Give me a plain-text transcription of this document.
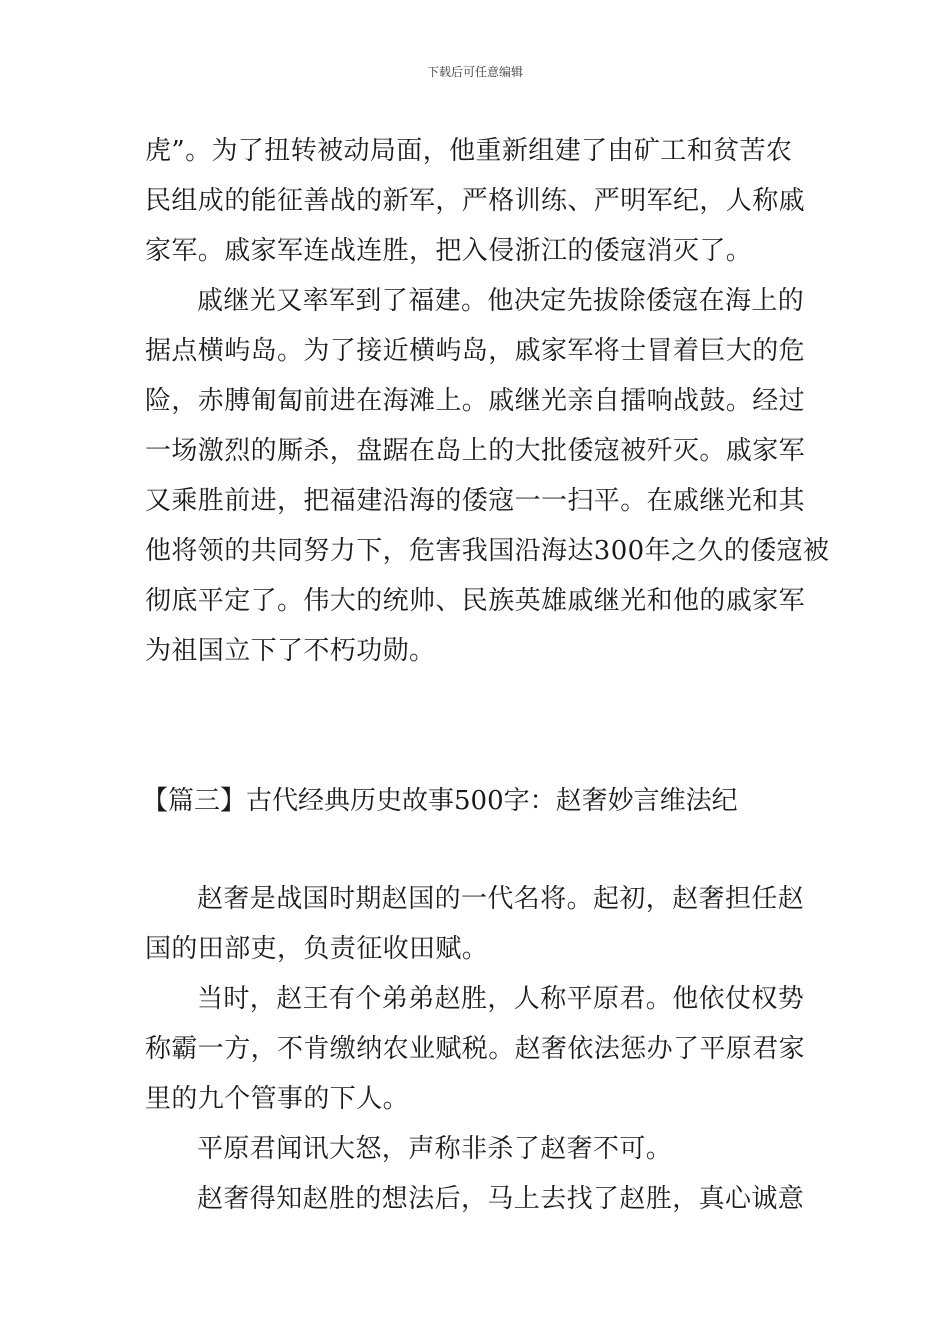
下载后可任意编辑
虎”。为了扭转被动局面，他重新组建了由矿工和贫苦农
民组成的能征善战的新军，严格训练、严明军纪，人称戚
家军。戚家军连战连胜，把入侵浙江的倭寇消灭了。
戚继光又率军到了福建。他决定先拔除倭寇在海上的
据点横屿岛。为了接近横屿岛，戚家军将士冒着巨大的危
险，赤膊匍匐前进在海滩上。戚继光亲自擂响战鼓。经过
一场激烈的厮杀，盘踞在岛上的大批倭寇被歼灭。戚家军
又乘胜前进，把福建沿海的倭寇一一扫平。在戚继光和其
他将领的共同努力下，危害我国沿海达300年之久的倭寇被
彻底平定了。伟大的统帅、民族英雄戚继光和他的戚家军
为祖国立下了不朽功勋。
【篇三】古代经典历史故事500字：赵奢妙言维法纪
赵奢是战国时期赵国的一代名将。起初，赵奢担任赵
国的田部吏，负责征收田赋。
当时，赵王有个弟弟赵胜，人称平原君。他依仗权势
称霸一方，不肯缴纳农业赋税。赵奢依法惩办了平原君家
里的九个管事的下人。
平原君闻讯大怒，声称非杀了赵奢不可。
赵奢得知赵胜的想法后，马上去找了赵胜，真心诚意
